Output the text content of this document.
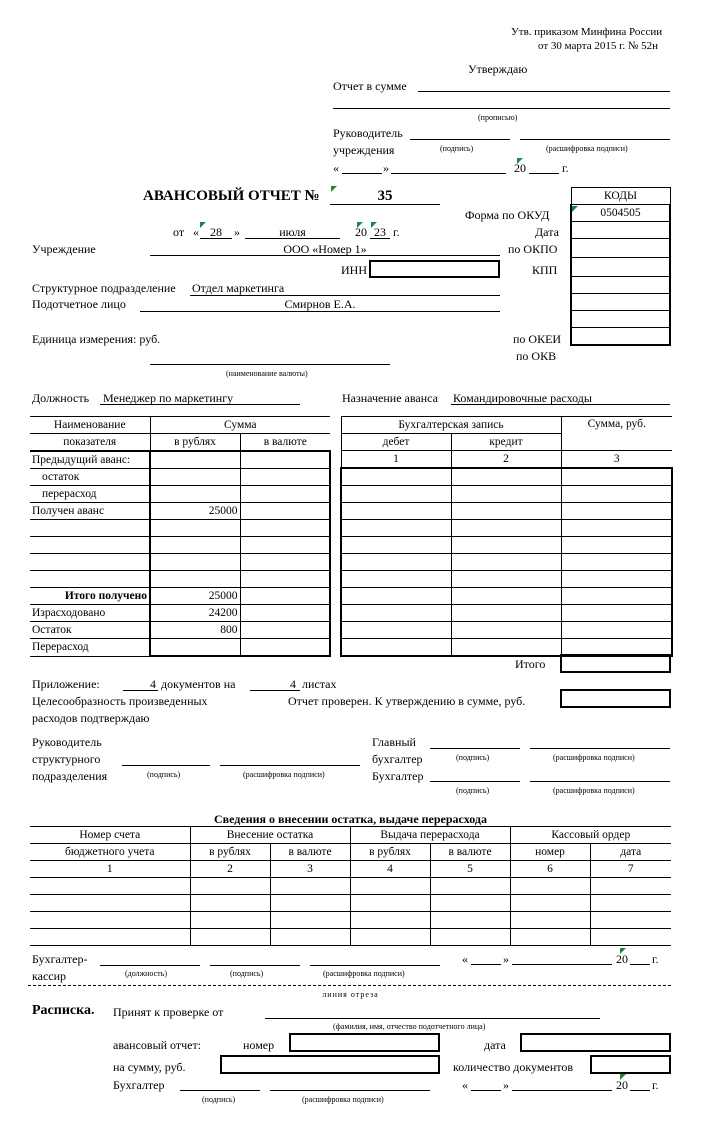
Утв. приказом Минфина России
от 30 марта 2015 г. № 52н
Утверждаю
Отчет в сумме
(прописью)
Руководитель
учреждения	(подпись)	(расшифровка подписи)
«	»	20	г.
АВАНСОВЫЙ ОТЧЕТ №	35
от « 28	»	июля	20 23 г.
КОДЫ
0504505

Форма по ОКУД
Дата
по ОКПО
КПП
по ОКЕИ
по ОКВ
Учреждение	ООО «Номер 1»
ИНН
Структурное подразделение Отдел маркетинга
Подотчетное лицо	Смирнов Е.А.
Единица измерения: руб.
(наименование валюты)
Должность Менеджер по маркетингу	Назначение аванса Командировочные расходы
Наименование	Сумма	
показателя	в рублях	в валюте
Предыдущий аванс:		
остаток		
перерасход		
Получен аванс	25000	

Итого получено	25000	
Израсходовано	24200	
Остаток	800	
Перерасход		
Бухгалтерская запись		Сумма, руб.
дебет	кредит	
1	2	3

Итого
Приложение:	4 документов на	4 листах
Целесообразность произведенных
расходов подтверждаю
Отчет проверен. К утверждению в сумме, руб.
Руководитель
структурного
подразделения	(подпись)	(расшифровка подписи)
Главный
бухгалтер	(подпись)	(расшифровка подписи)
Бухгалтер
(подпись)	(расшифровка подписи)
Сведения о внесении остатка, выдаче перерасхода
Номер счета	Внесение остатка		Выдача перерасхода		Кассовый ордер	
бюджетного учета	в рублях	в валюте	в рублях	в валюте	номер	дата
1	2	3	4	5	6	7

Бухгалтер-
кассир	(должность)	(подпись)	(расшифровка подписи)
«	»	20 г.
линия отреза
Расписка. Принят к проверке от
(фамилия, имя, отчество подотчетного лица)
авансовый отчет:	номер	дата
на сумму, руб.	количество документов
Бухгалтер
(подпись)	(расшифровка подписи)
«	»	20 г.
